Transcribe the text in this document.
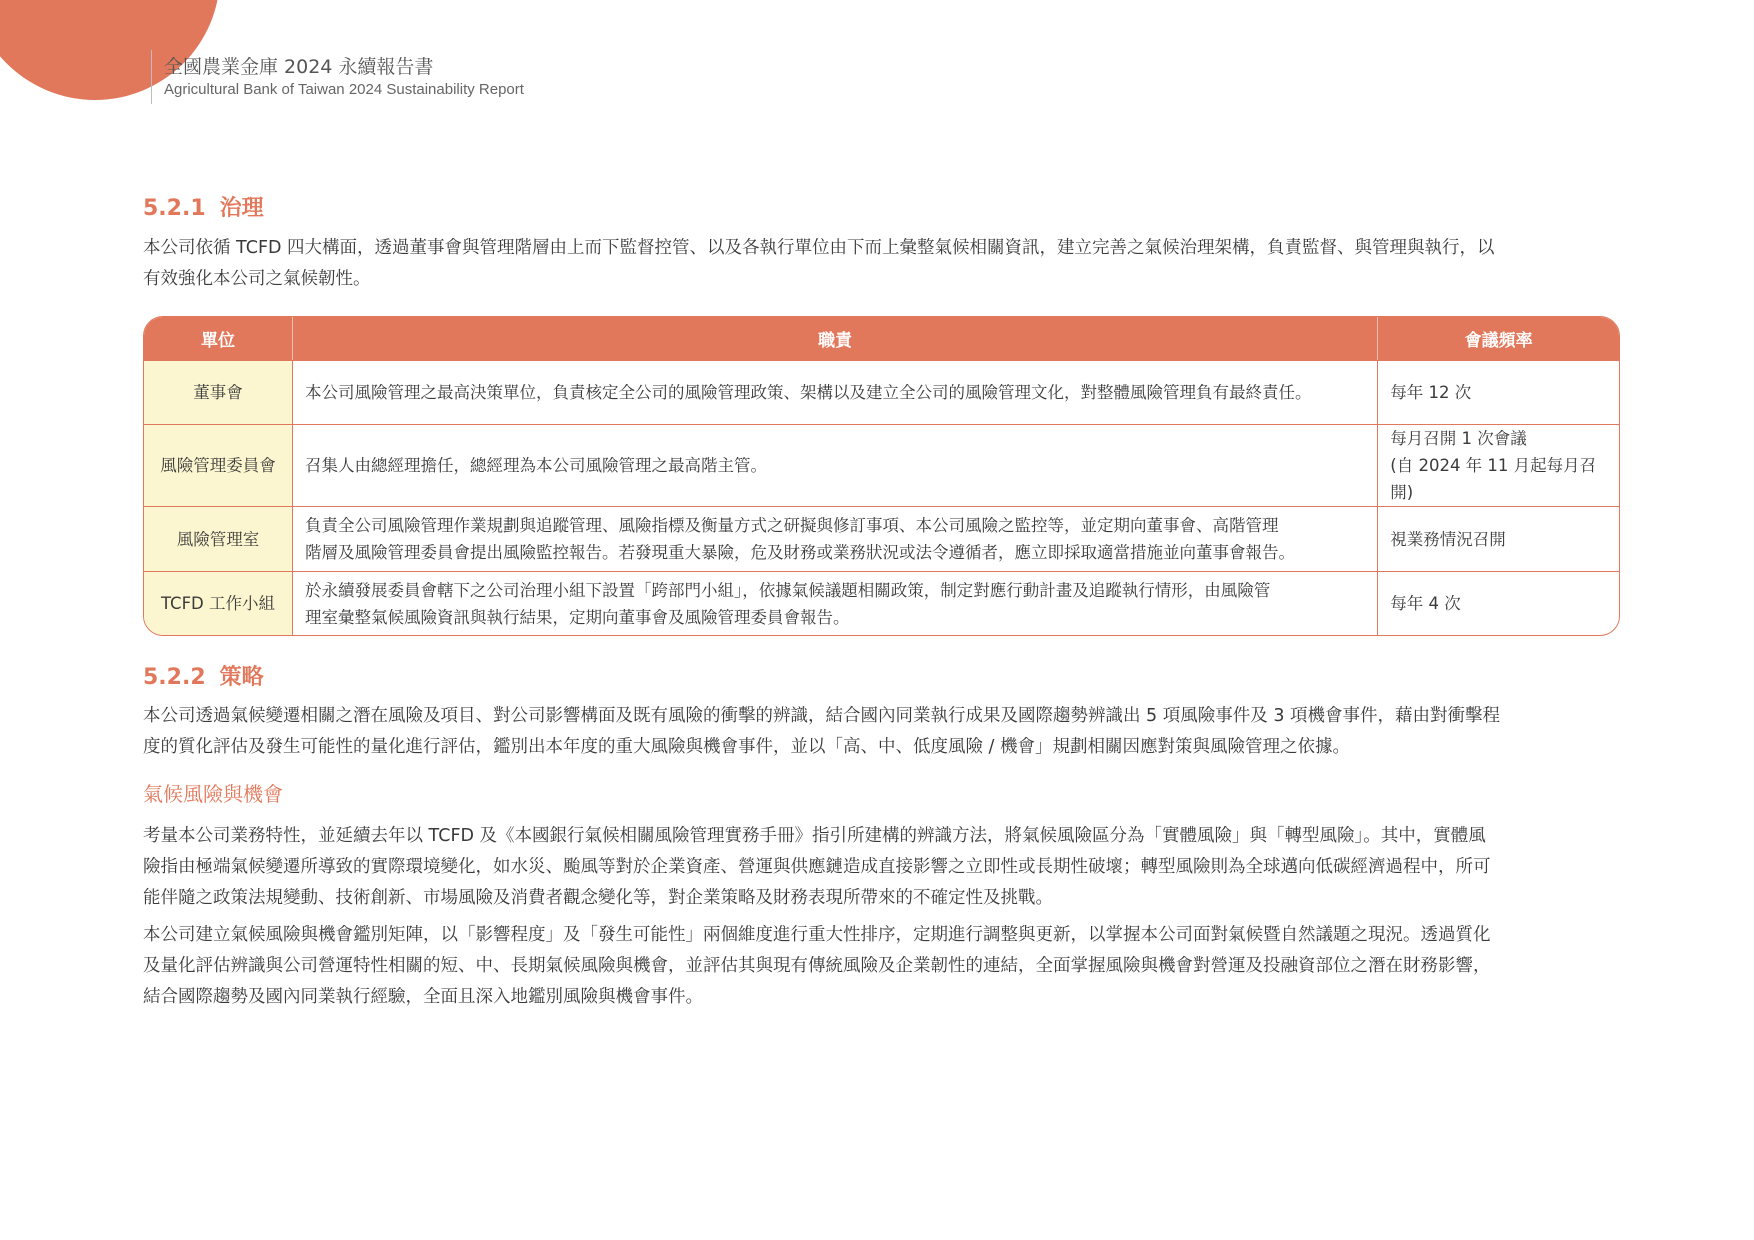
104 全國農業金庫 2024 永續報告書
Agricultural Bank of Taiwan 2024 Sustainability Report
5.2.1 治理
本公司依循 TCFD 四大構面，透過董事會與管理階層由上而下監督控管、以及各執行單位由下而上彙整氣候相關資訊，建立完善之氣候治理架構，負責監督、與管理與執行，以
有效強化本公司之氣候韌性。
單位	職責	會議頻率
董事會	本公司風險管理之最高決策單位，負責核定全公司的風險管理政策、架構以及建立全公司的風險管理文化，對整體風險管理負有最終責任。	每年 12 次

風險管理委員會	召集人由總經理擔任，總經理為本公司風險管理之最高階主管。	每月召開 1 次會議
(自 2024 年 11 月起每月召開)

風險管理室	負責全公司風險管理作業規劃與追蹤管理、風險指標及衡量方式之研擬與修訂事項、本公司風險之監控等，並定期向董事會、高階管理
階層及風險管理委員會提出風險監控報告。若發現重大暴險，危及財務或業務狀況或法令遵循者，應立即採取適當措施並向董事會報告。	視業務情況召開

TCFD 工作小組	於永續發展委員會轄下之公司治理小組下設置「跨部門小組」，依據氣候議題相關政策，制定對應行動計畫及追蹤執行情形，由風險管
理室彙整氣候風險資訊與執行結果，定期向董事會及風險管理委員會報告。	每年 4 次
5.2.2 策略
本公司透過氣候變遷相關之潛在風險及項目、對公司影響構面及既有風險的衝擊的辨識，結合國內同業執行成果及國際趨勢辨識出 5 項風險事件及 3 項機會事件，藉由對衝擊程
度的質化評估及發生可能性的量化進行評估，鑑別出本年度的重大風險與機會事件，並以「高、中、低度風險 / 機會」規劃相關因應對策與風險管理之依據。
氣候風險與機會
考量本公司業務特性，並延續去年以 TCFD 及《本國銀行氣候相關風險管理實務手冊》指引所建構的辨識方法，將氣候風險區分為「實體風險」與「轉型風險」。其中，實體風
險指由極端氣候變遷所導致的實際環境變化，如水災、颱風等對於企業資產、營運與供應鏈造成直接影響之立即性或長期性破壞；轉型風險則為全球邁向低碳經濟過程中，所可
能伴隨之政策法規變動、技術創新、市場風險及消費者觀念變化等，對企業策略及財務表現所帶來的不確定性及挑戰。
本公司建立氣候風險與機會鑑別矩陣，以「影響程度」及「發生可能性」兩個維度進行重大性排序，定期進行調整與更新，以掌握本公司面對氣候暨自然議題之現況。透過質化
及量化評估辨識與公司營運特性相關的短、中、長期氣候風險與機會，並評估其與現有傳統風險及企業韌性的連結，全面掌握風險與機會對營運及投融資部位之潛在財務影響，
結合國際趨勢及國內同業執行經驗，全面且深入地鑑別風險與機會事件。
